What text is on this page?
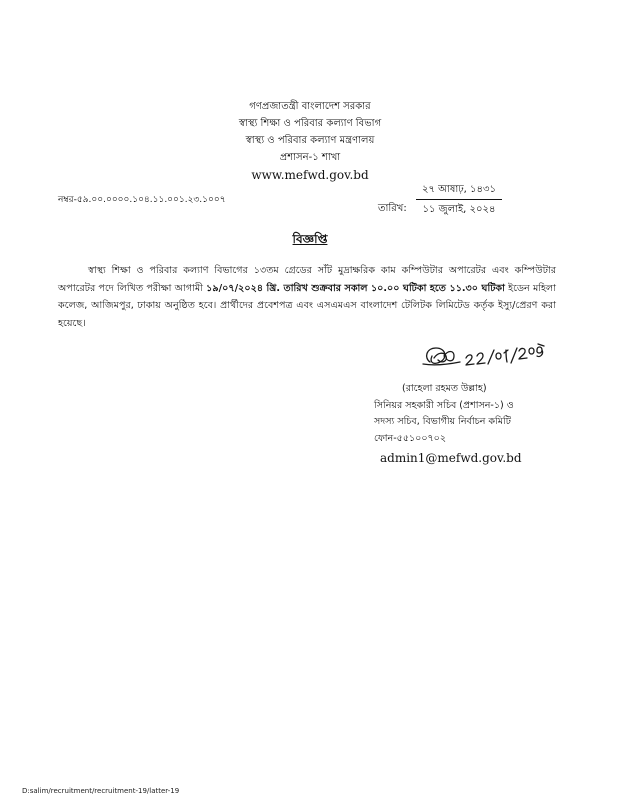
গণপ্রজাতন্ত্রী বাংলাদেশ সরকার
স্বাস্থ্য শিক্ষা ও পরিবার কল্যাণ বিভাগ
স্বাস্থ্য ও পরিবার কল্যাণ মন্ত্রণালয়
প্রশাসন-১ শাখা
www.mefwd.gov.bd
নম্বর-৫৯.০০.০০০০.১০৪.১১.০০১.২৩.১০০৭
তারিখ:
২৭ আষাঢ়, ১৪৩১
১১ জুলাই, ২০২৪
বিজ্ঞপ্তি
স্বাস্থ্য শিক্ষা ও পরিবার কল্যাণ বিভাগের ১৩তম গ্রেডের সাঁট মুদ্রাক্ষরিক কাম কম্পিউটার অপারেটর এবং কম্পিউটার অপারেটর পদে লিখিত পরীক্ষা আগামী ১৯/০৭/২০২৪ খ্রি. তারিখ শুক্রবার সকাল ১০.০০ ঘটিকা হতে ১১.৩০ ঘটিকা ইডেন মহিলা কলেজ, আজিমপুর, ঢাকায় অনুষ্ঠিত হবে। প্রার্থীদের প্রবেশপত্র এবং এসএমএস বাংলাদেশ টেলিটক লিমিটেড কর্তৃক ইস্যু/প্রেরণ করা হয়েছে।
(রাহেলা রহমত উল্লাহ)
সিনিয়র সহকারী সচিব (প্রশাসন-১) ও
সদস্য সচিব, বিভাগীয় নির্বাচন কমিটি
ফোন-৫৫১০০৭০২
admin1@mefwd.gov.bd
D:salim/recruitment/recruitment-19/latter-19
